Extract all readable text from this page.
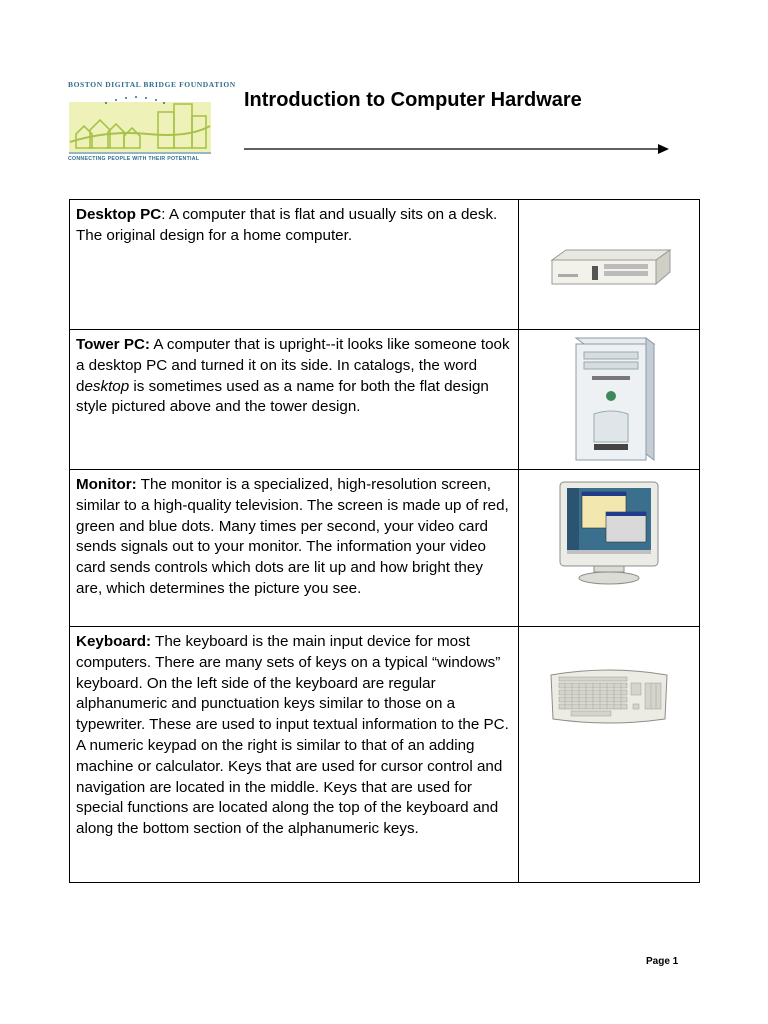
BOSTON DIGITAL BRIDGE FOUNDATION
CONNECTING PEOPLE WITH THEIR POTENTIAL
Introduction to Computer Hardware
Desktop PC: A computer that is flat and usually sits on a desk. The original design for a home computer.	

Tower PC: A computer that is upright--it looks like someone took a desktop PC and turned it on its side. In catalogs, the word desktop is sometimes used as a name for both the flat design style pictured above and the tower design.	

Monitor: The monitor is a specialized, high-resolution screen, similar to a high-quality television. The screen is made up of red, green and blue dots. Many times per second, your video card sends signals out to your monitor. The information your video card sends controls which dots are lit up and how bright they are, which determines the picture you see.	

Keyboard: The keyboard is the main input device for most computers. There are many sets of keys on a typical “windows” keyboard. On the left side of the keyboard are regular alphanumeric and punctuation keys similar to those on a typewriter. These are used to input textual information to the PC. A numeric keypad on the right is similar to that of an adding machine or calculator. Keys that are used for cursor control and navigation are located in the middle. Keys that are used for special functions are located along the top of the keyboard and along the bottom section of the alphanumeric keys.	
Page 1
